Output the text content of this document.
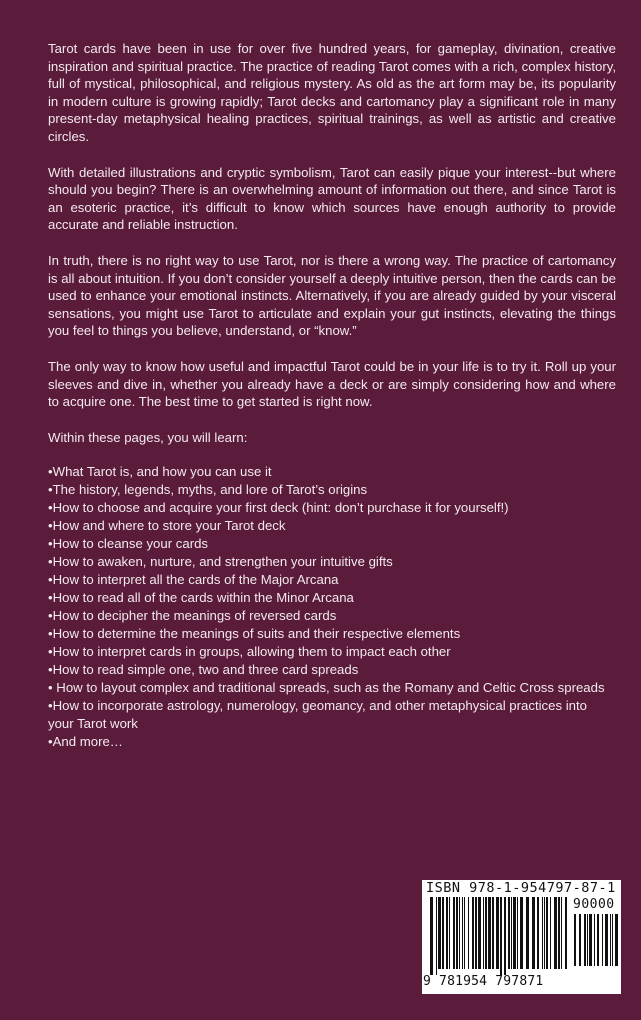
Tarot cards have been in use for over five hundred years, for gameplay, divination, creative inspiration and spiritual practice. The practice of reading Tarot comes with a rich, complex history, full of mystical, philosophical, and religious mystery. As old as the art form may be, its popularity in modern culture is growing rapidly; Tarot decks and cartomancy play a significant role in many present-day metaphysical healing practices, spiritual trainings, as well as artistic and creative circles.

With detailed illustrations and cryptic symbolism, Tarot can easily pique your interest--but where should you begin? There is an overwhelming amount of information out there, and since Tarot is an esoteric practice, it’s difficult to know which sources have enough authority to provide accurate and reliable instruction.

In truth, there is no right way to use Tarot, nor is there a wrong way. The practice of cartomancy is all about intuition. If you don’t consider yourself a deeply intuitive person, then the cards can be used to enhance your emotional instincts. Alternatively, if you are already guided by your visceral sensations, you might use Tarot to articulate and explain your gut instincts, elevating the things you feel to things you believe, understand, or “know.”

The only way to know how useful and impactful Tarot could be in your life is to try it. Roll up your sleeves and dive in, whether you already have a deck or are simply considering how and where to acquire one. The best time to get started is right now.

Within these pages, you will learn:

• What Tarot is, and how you can use it
• The history, legends, myths, and lore of Tarot’s origins
• How to choose and acquire your first deck (hint: don’t purchase it for yourself!)
• How and where to store your Tarot deck
• How to cleanse your cards
• How to awaken, nurture, and strengthen your intuitive gifts
• How to interpret all the cards of the Major Arcana
• How to read all of the cards within the Minor Arcana
• How to decipher the meanings of reversed cards
• How to determine the meanings of suits and their respective elements
• How to interpret cards in groups, allowing them to impact each other
• How to read simple one, two and three card spreads
• How to layout complex and traditional spreads, such as the Romany and Celtic Cross spreads
• How to incorporate astrology, numerology, geomancy, and other metaphysical practices into your Tarot work
• And more…
ISBN 978-1-954797-87-1
90000
9 781954 797871
